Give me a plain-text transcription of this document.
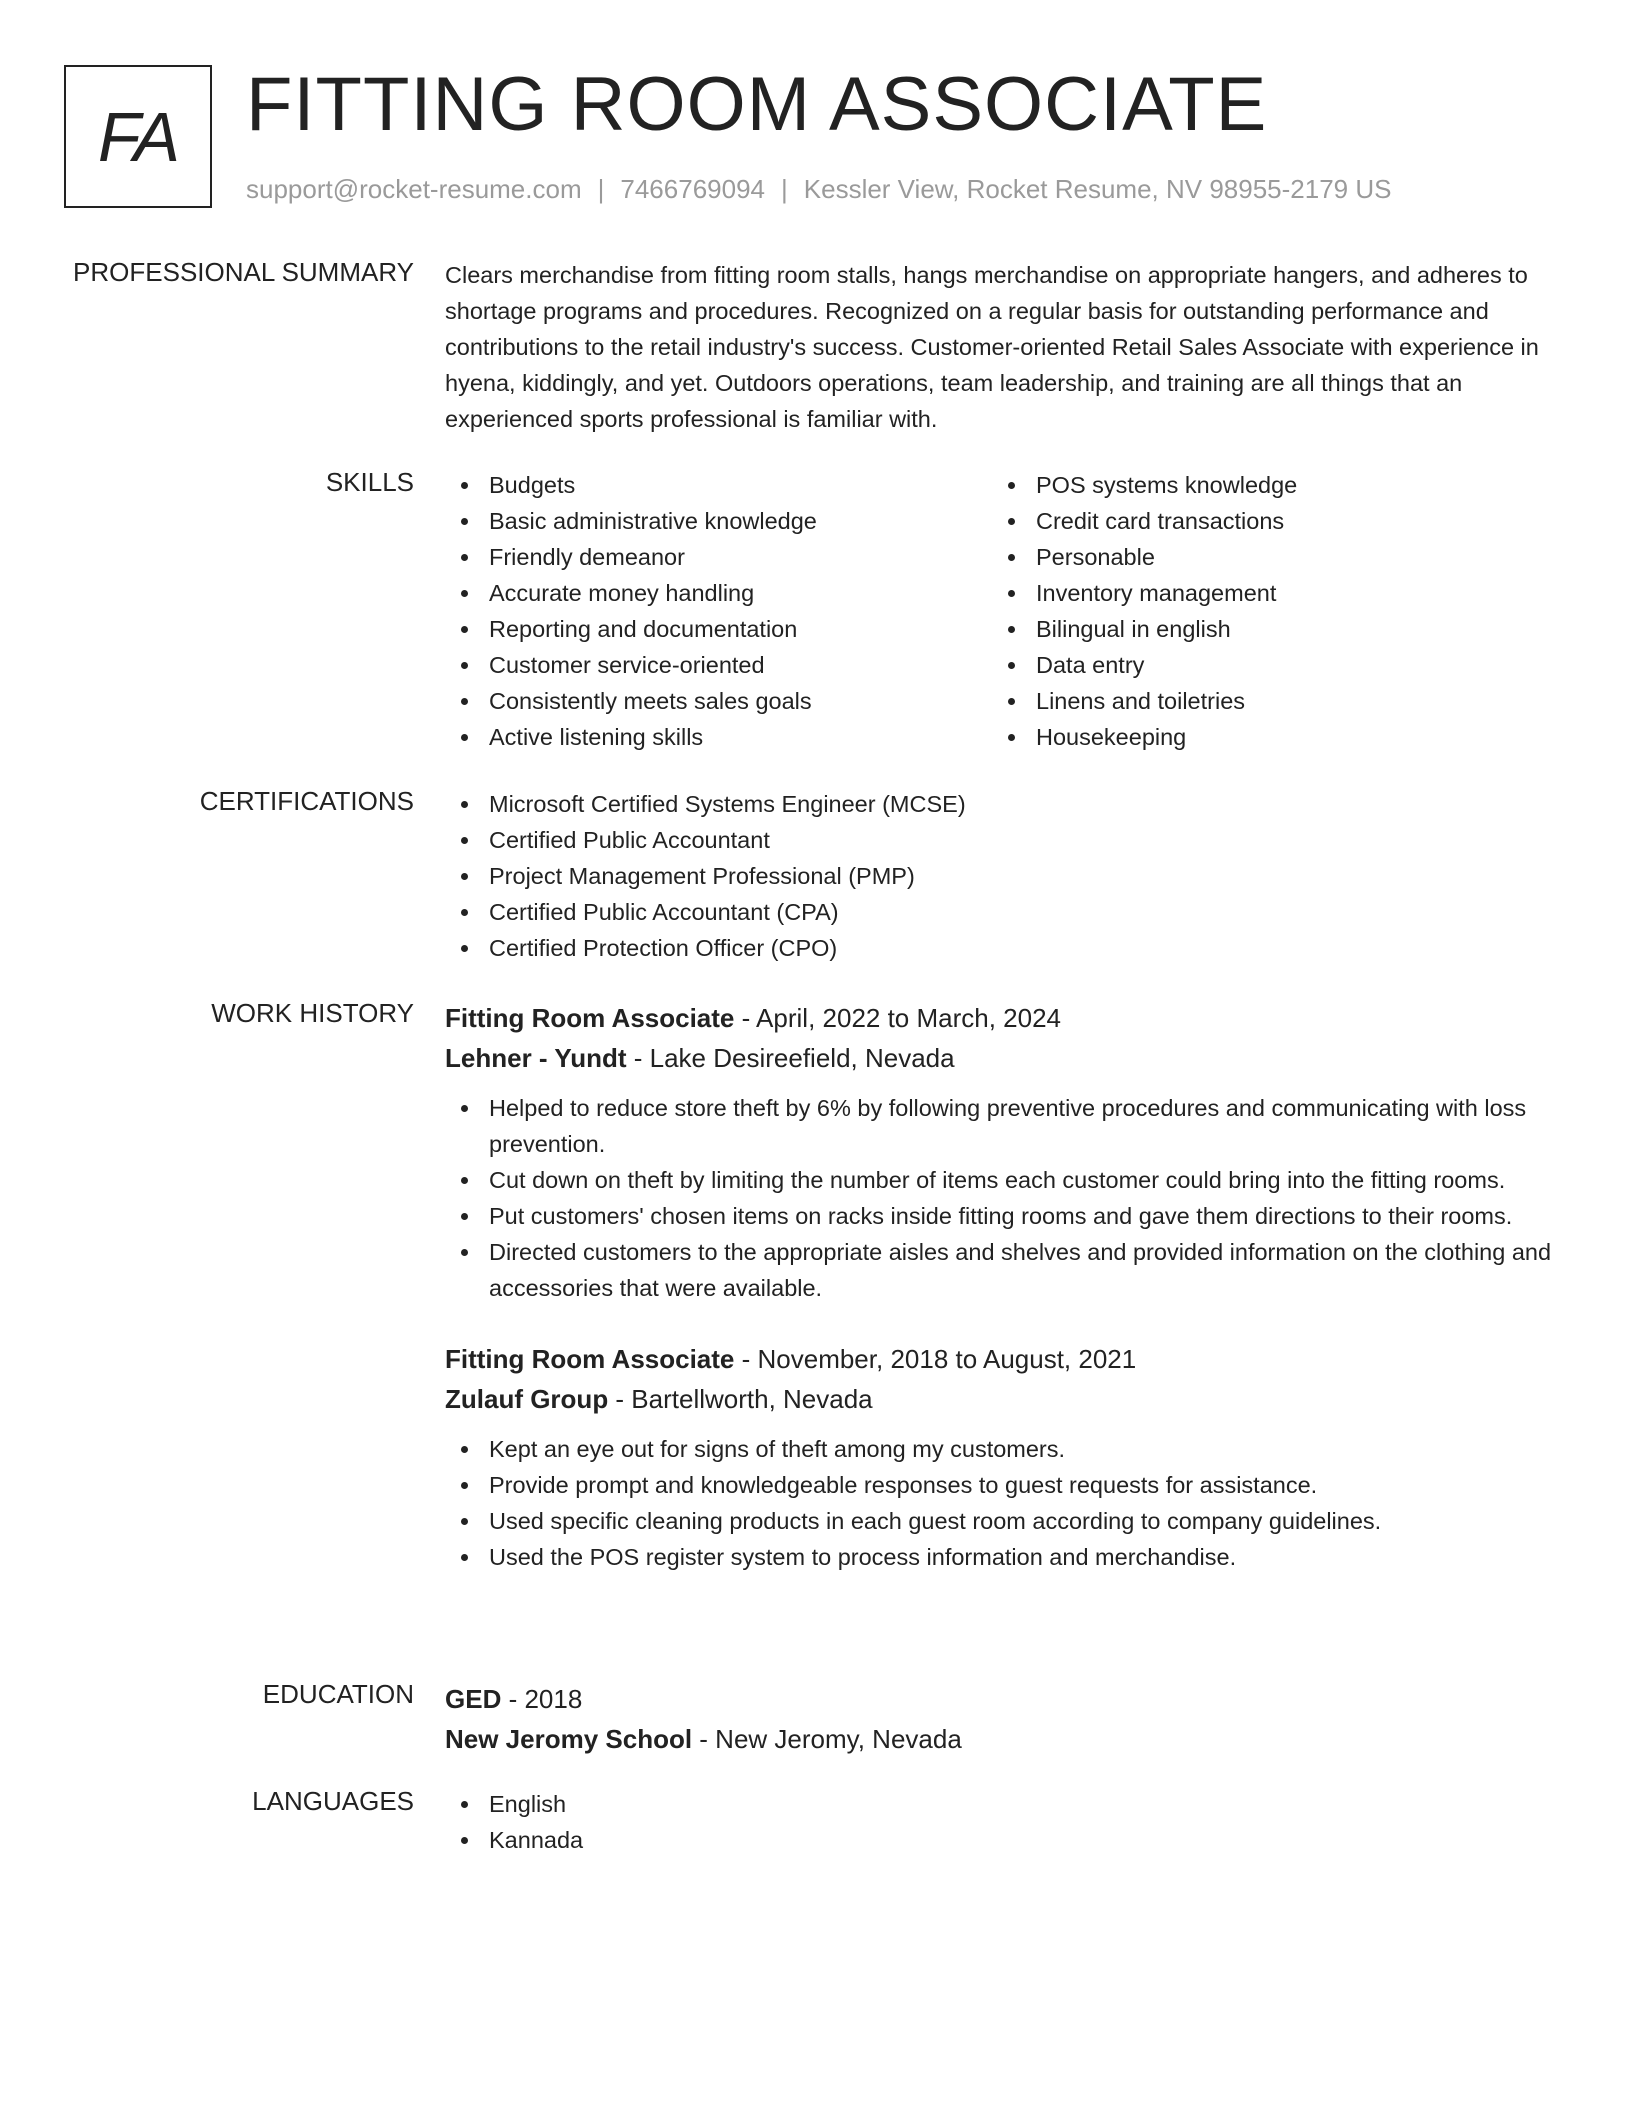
FA FITTING ROOM ASSOCIATE
support@rocket-resume.com | 7466769094 | Kessler View, Rocket Resume, NV 98955-2179 US
PROFESSIONAL SUMMARY Clears merchandise from fitting room stalls, hangs merchandise on appropriate hangers, and adheres to shortage programs and procedures. Recognized on a regular basis for outstanding performance and contributions to the retail industry's success. Customer-oriented Retail Sales Associate with experience in hyena, kiddingly, and yet. Outdoors operations, team leadership, and training are all things that an experienced sports professional is familiar with.
SKILLS	Budgets
Basic administrative knowledge
Friendly demeanor
Accurate money handling
Reporting and documentation
Customer service-oriented
Consistently meets sales goals
Active listening skills
POS systems knowledge
Credit card transactions
Personable
Inventory management
Bilingual in english
Data entry
Linens and toiletries
Housekeeping
CERTIFICATIONS	Microsoft Certified Systems Engineer (MCSE)
Certified Public Accountant
Project Management Professional (PMP)
Certified Public Accountant (CPA)
Certified Protection Officer (CPO)
WORK HISTORY Fitting Room Associate - April, 2022 to March, 2024
Lehner - Yundt - Lake Desireefield, Nevada
Helped to reduce store theft by 6% by following preventive procedures and communicating with loss prevention.
Cut down on theft by limiting the number of items each customer could bring into the fitting rooms.
Put customers' chosen items on racks inside fitting rooms and gave them directions to their rooms.
Directed customers to the appropriate aisles and shelves and provided information on the clothing and accessories that were available.
Fitting Room Associate - November, 2018 to August, 2021
Zulauf Group - Bartellworth, Nevada
Kept an eye out for signs of theft among my customers.
Provide prompt and knowledgeable responses to guest requests for assistance.
Used specific cleaning products in each guest room according to company guidelines.
Used the POS register system to process information and merchandise.
EDUCATION GED - 2018
New Jeromy School - New Jeromy, Nevada
LANGUAGES	English
Kannada
